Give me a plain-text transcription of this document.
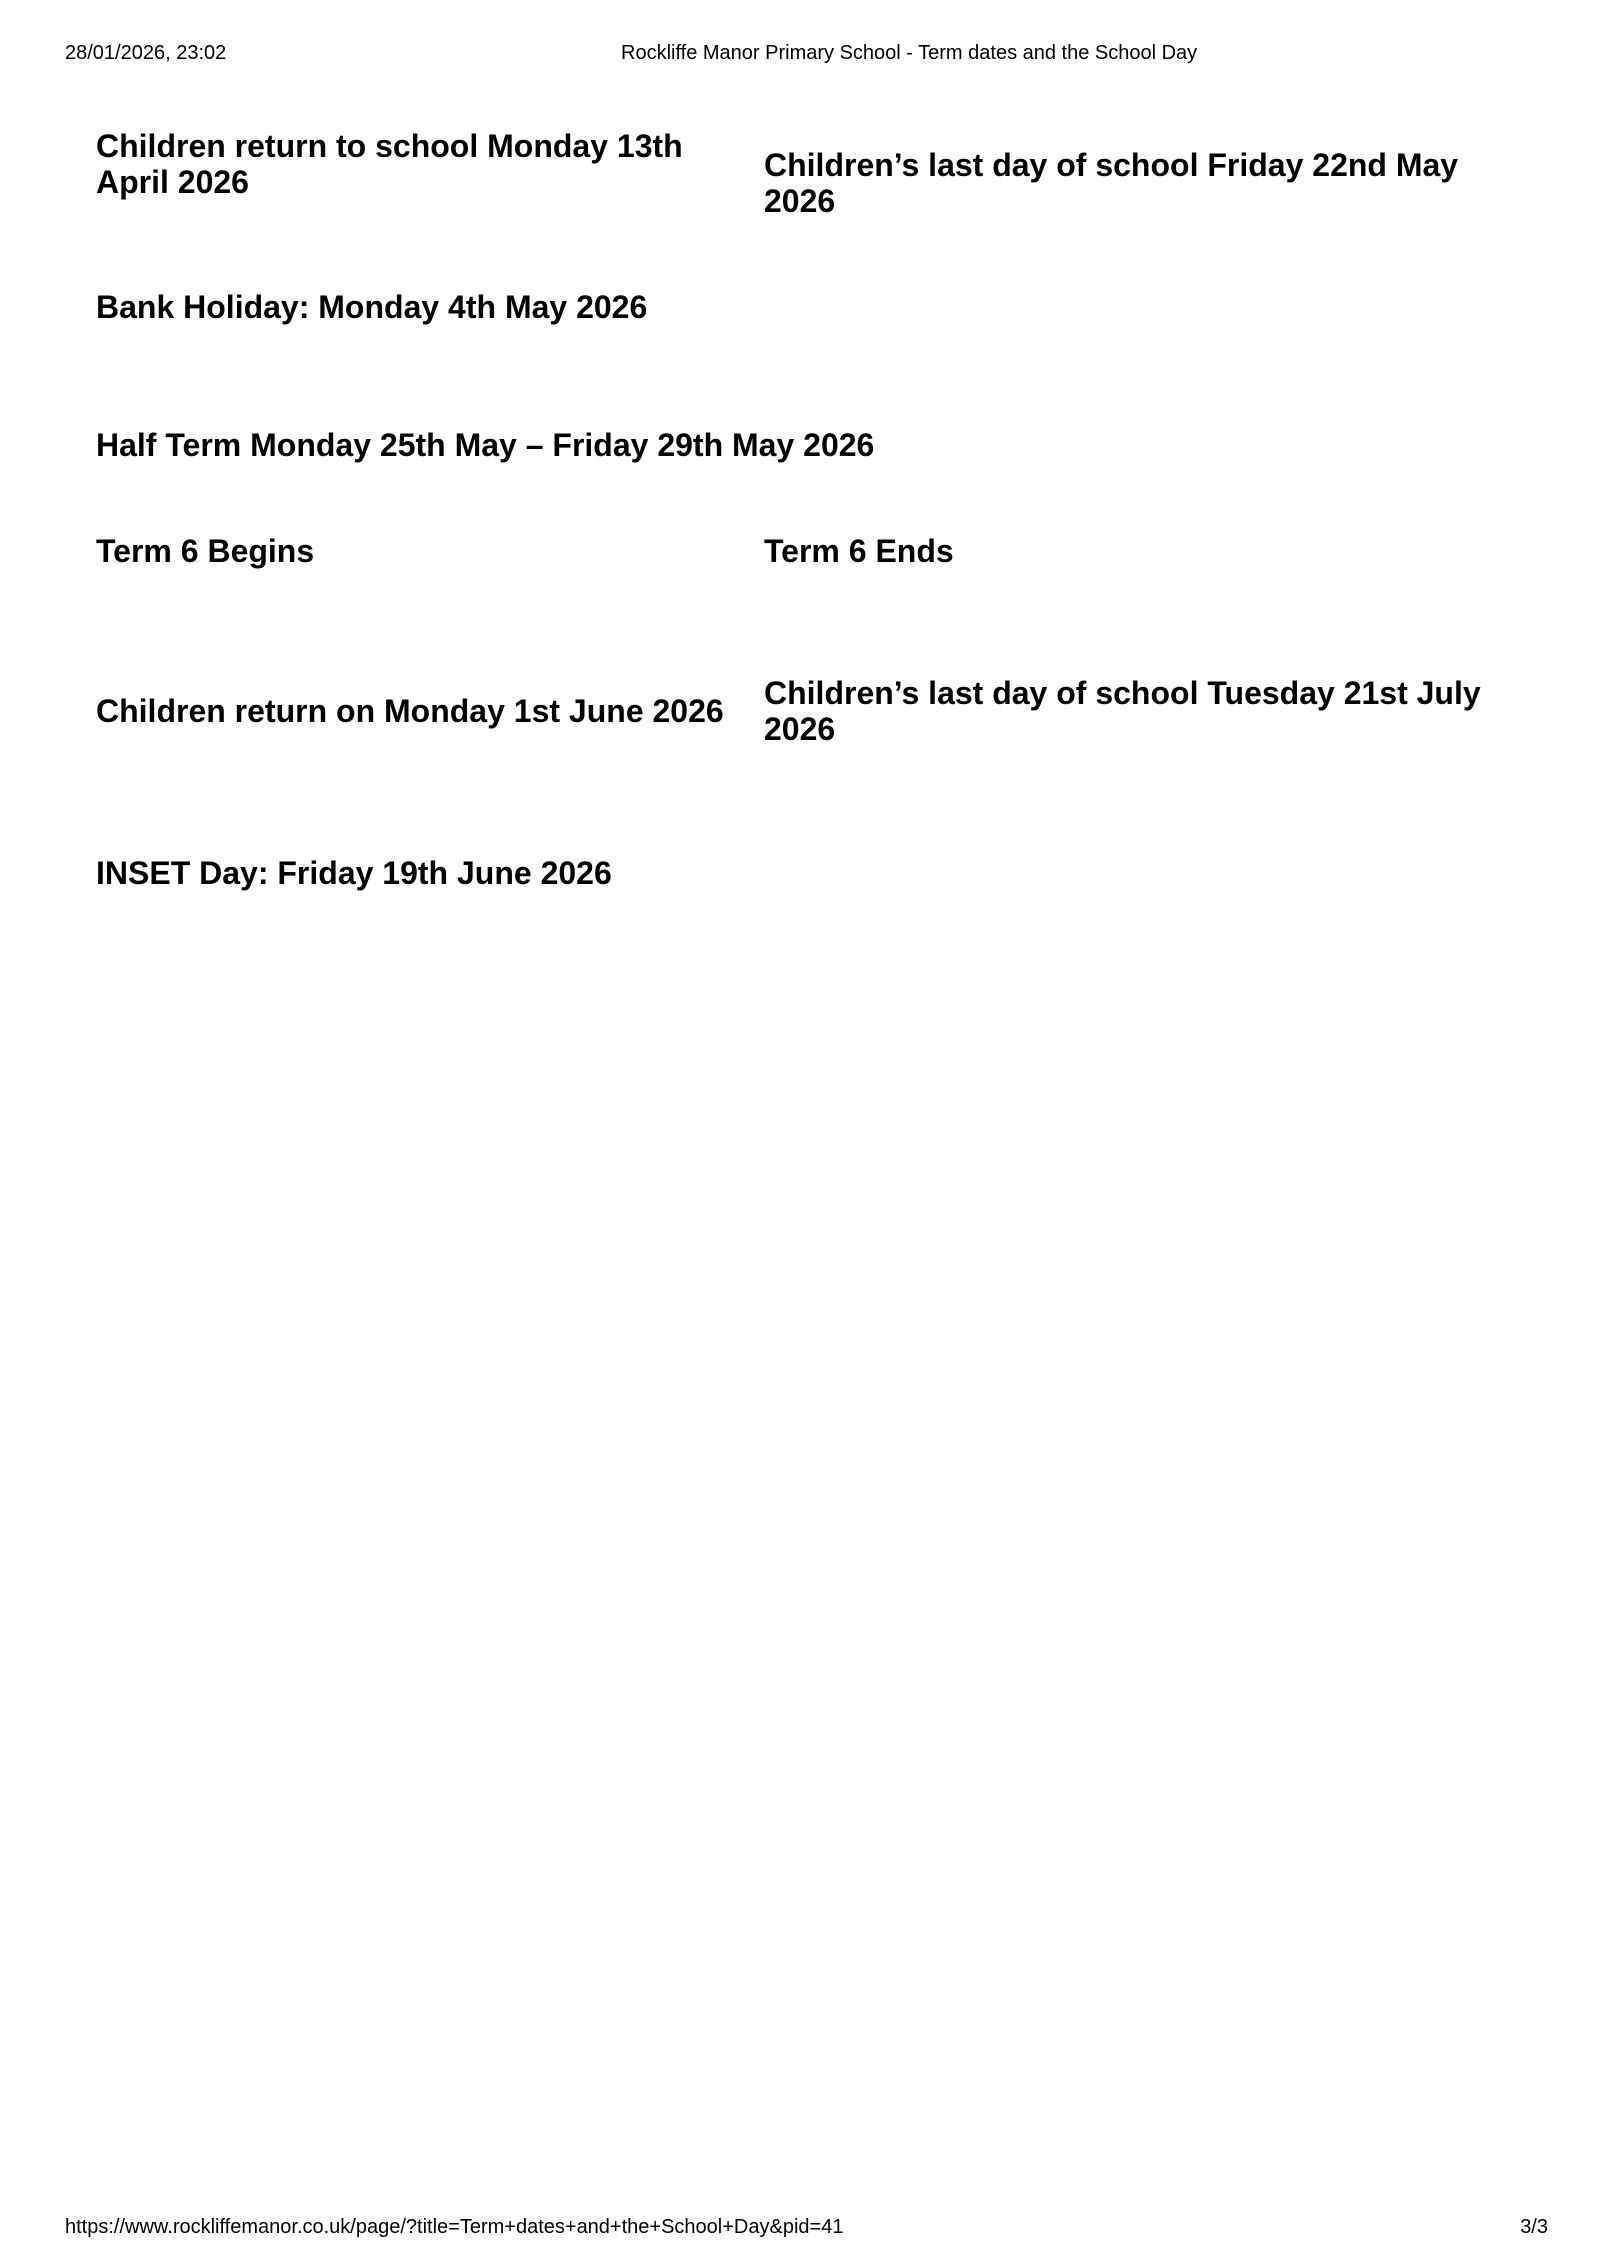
28/01/2026, 23:02	Rockliffe Manor Primary School - Term dates and the School Day
Children return to school Monday 13th April 2026	Children’s last day of school Friday 22nd May 2026
Bank Holiday: Monday 4th May 2026
Half Term Monday 25th May – Friday 29th May 2026
Term 6 Begins	Term 6 Ends
Children return on Monday 1st June 2026	Children’s last day of school Tuesday 21st July 2026
INSET Day: Friday 19th June 2026
https://www.rockliffemanor.co.uk/page/?title=Term+dates+and+the+School+Day&pid=41	3/3
